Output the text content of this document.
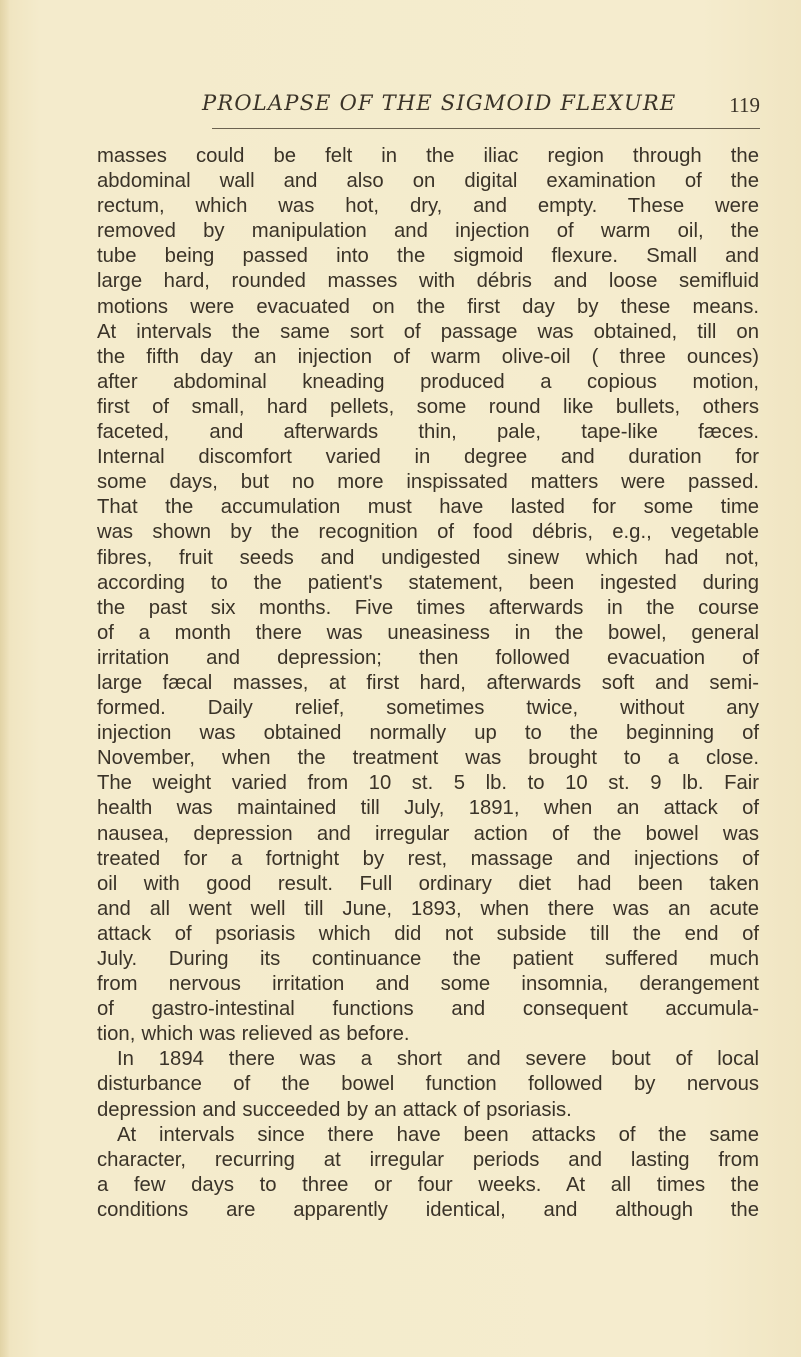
PROLAPSE OF THE SIGMOID FLEXURE	119
masses could be felt in the iliac region through the
abdominal wall and also on digital examination of the
rectum, which was hot, dry, and empty. These were
removed by manipulation and injection of warm oil, the
tube being passed into the sigmoid flexure. Small and
large hard, rounded masses with débris and loose semifluid
motions were evacuated on the first day by these means.
At intervals the same sort of passage was obtained, till on
the fifth day an injection of warm olive-oil ( three ounces)
after abdominal kneading produced a copious motion,
first of small, hard pellets, some round like bullets, others
faceted, and afterwards thin, pale, tape-like fæces.
Internal discomfort varied in degree and duration for
some days, but no more inspissated matters were passed.
That the accumulation must have lasted for some time
was shown by the recognition of food débris, e.g., vegetable
fibres, fruit seeds and undigested sinew which had not,
according to the patient's statement, been ingested during
the past six months. Five times afterwards in the course
of a month there was uneasiness in the bowel, general
irritation and depression; then followed evacuation of
large fæcal masses, at first hard, afterwards soft and semi-
formed. Daily relief, sometimes twice, without any
injection was obtained normally up to the beginning of
November, when the treatment was brought to a close.
The weight varied from 10 st. 5 lb. to 10 st. 9 lb. Fair
health was maintained till July, 1891, when an attack of
nausea, depression and irregular action of the bowel was
treated for a fortnight by rest, massage and injections of
oil with good result. Full ordinary diet had been taken
and all went well till June, 1893, when there was an acute
attack of psoriasis which did not subside till the end of
July. During its continuance the patient suffered much
from nervous irritation and some insomnia, derangement
of gastro-intestinal functions and consequent accumula-
tion, which was relieved as before.
In 1894 there was a short and severe bout of local
disturbance of the bowel function followed by nervous
depression and succeeded by an attack of psoriasis.
At intervals since there have been attacks of the same
character, recurring at irregular periods and lasting from
a few days to three or four weeks. At all times the
conditions are apparently identical, and although the
